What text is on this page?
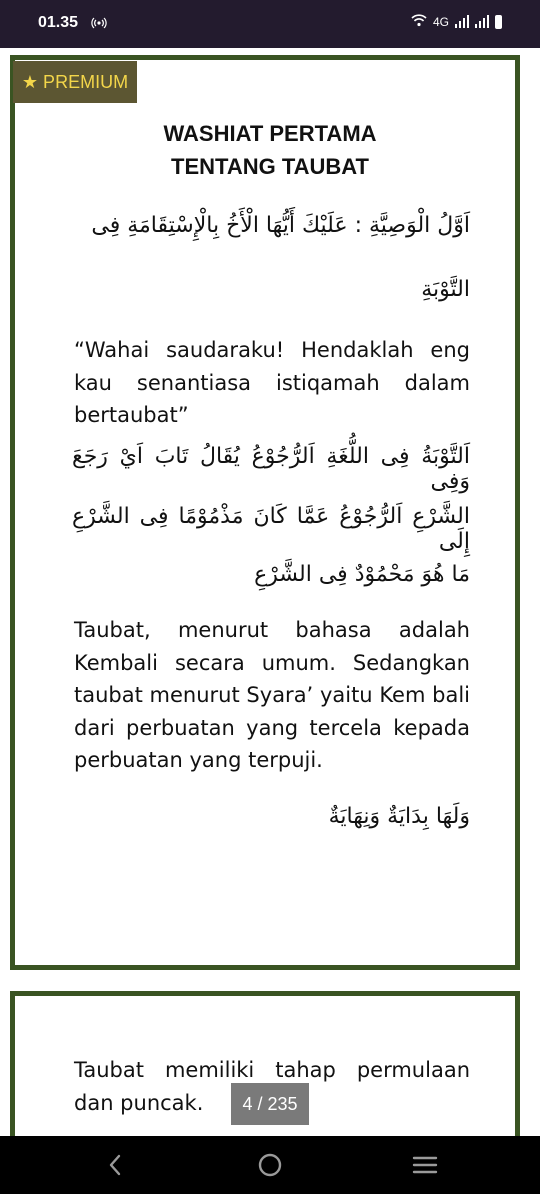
01.35	4G
★ PREMIUM
WASHIAT PERTAMA
TENTANG TAUBAT
اَوَّلُ الْوَصِيَّةِ : عَلَيْكَ أَيُّهَا الْأَخُ بِالْإِسْتِقَامَةِ فِى
التَّوْبَةِ
“Wahai saudaraku! Hendaklah eng kau senantiasa istiqamah dalam bertaubat”
اَلتَّوْبَةُ فِى اللُّغَةِ اَلرُّجُوْعُ يُقَالُ تَابَ اَيْ رَجَعَ وَفِى
الشَّرْعِ اَلرُّجُوْعُ عَمَّا كَانَ مَذْمُوْمًا فِى الشَّرْعِ إِلَى
مَا هُوَ مَحْمُوْدٌ فِى الشَّرْعِ
Taubat, menurut bahasa adalah Kembali secara umum. Sedangkan taubat menurut Syara’ yaitu Kem bali dari perbuatan yang tercela kepada perbuatan yang terpuji.
وَلَهَا بِدَايَةٌ وَنِهَايَةٌ
Taubat memiliki tahap permulaan dan puncak.	4 / 235
